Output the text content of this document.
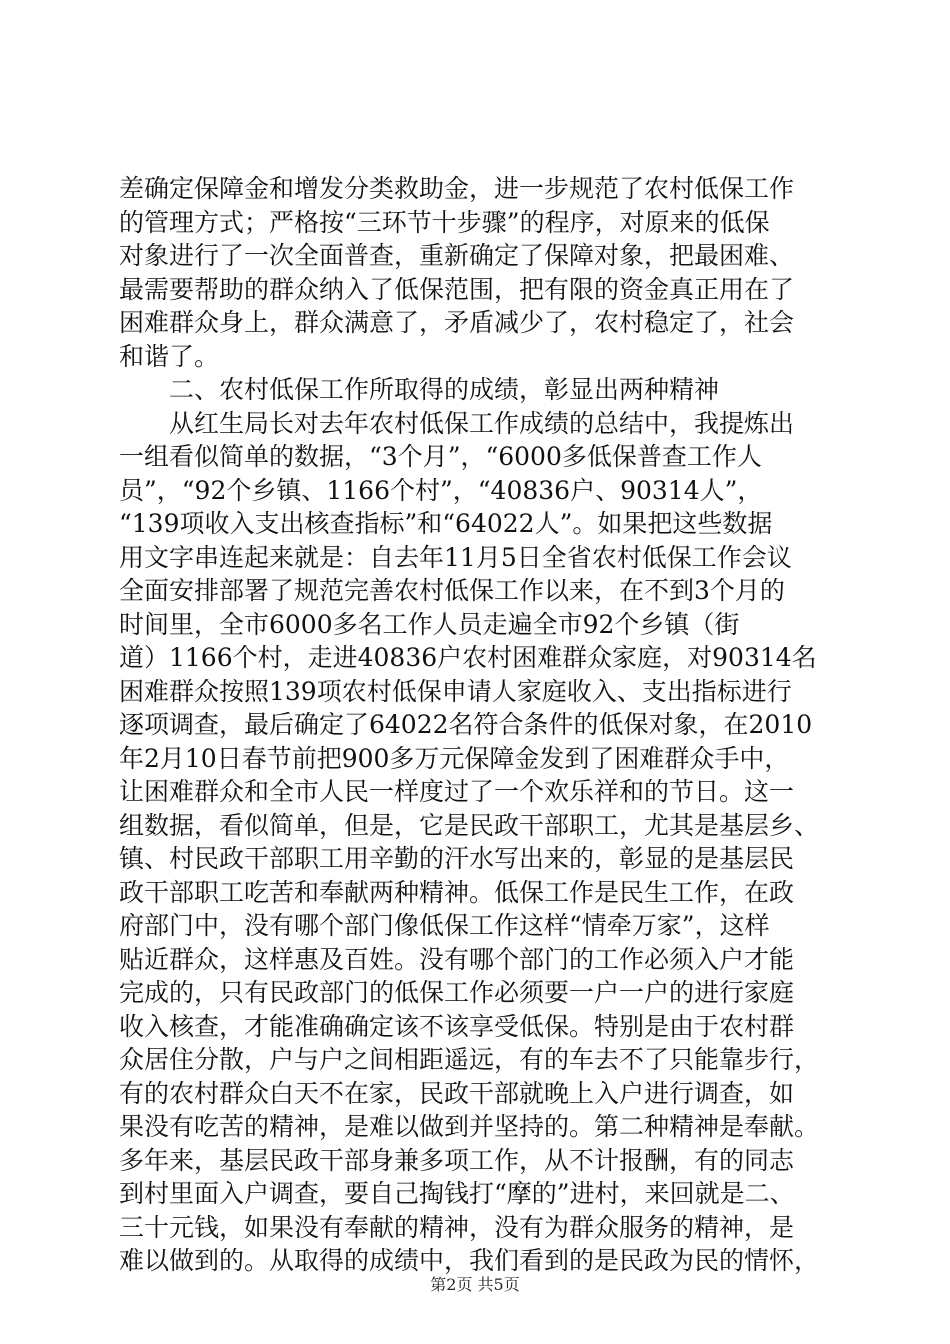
差确定保障金和增发分类救助金，进一步规范了农村低保工作
的管理方式；严格按“三环节十步骤”的程序，对原来的低保
对象进行了一次全面普查，重新确定了保障对象，把最困难、
最需要帮助的群众纳入了低保范围，把有限的资金真正用在了
困难群众身上，群众满意了，矛盾减少了，农村稳定了，社会
和谐了。
二、农村低保工作所取得的成绩，彰显出两种精神
从红生局长对去年农村低保工作成绩的总结中，我提炼出
一组看似简单的数据，“3个月”，“6000多低保普查工作人
员”，“92个乡镇、1166个村”，“40836户、90314人”，
“139项收入支出核查指标”和“64022人”。如果把这些数据
用文字串连起来就是：自去年11月5日全省农村低保工作会议
全面安排部署了规范完善农村低保工作以来，在不到3个月的
时间里，全市6000多名工作人员走遍全市92个乡镇（街
道）1166个村，走进40836户农村困难群众家庭，对90314名
困难群众按照139项农村低保申请人家庭收入、支出指标进行
逐项调查，最后确定了64022名符合条件的低保对象，在2010
年2月10日春节前把900多万元保障金发到了困难群众手中，
让困难群众和全市人民一样度过了一个欢乐祥和的节日。这一
组数据，看似简单，但是，它是民政干部职工，尤其是基层乡、
镇、村民政干部职工用辛勤的汗水写出来的，彰显的是基层民
政干部职工吃苦和奉献两种精神。低保工作是民生工作，在政
府部门中，没有哪个部门像低保工作这样“情牵万家”，这样
贴近群众，这样惠及百姓。没有哪个部门的工作必须入户才能
完成的，只有民政部门的低保工作必须要一户一户的进行家庭
收入核查，才能准确确定该不该享受低保。特别是由于农村群
众居住分散，户与户之间相距遥远，有的车去不了只能靠步行，
有的农村群众白天不在家，民政干部就晚上入户进行调查，如
果没有吃苦的精神，是难以做到并坚持的。第二种精神是奉献。
多年来，基层民政干部身兼多项工作，从不计报酬，有的同志
到村里面入户调查，要自己掏钱打“摩的”进村，来回就是二、
三十元钱，如果没有奉献的精神，没有为群众服务的精神，是
难以做到的。从取得的成绩中，我们看到的是民政为民的情怀，
第2页 共5页
